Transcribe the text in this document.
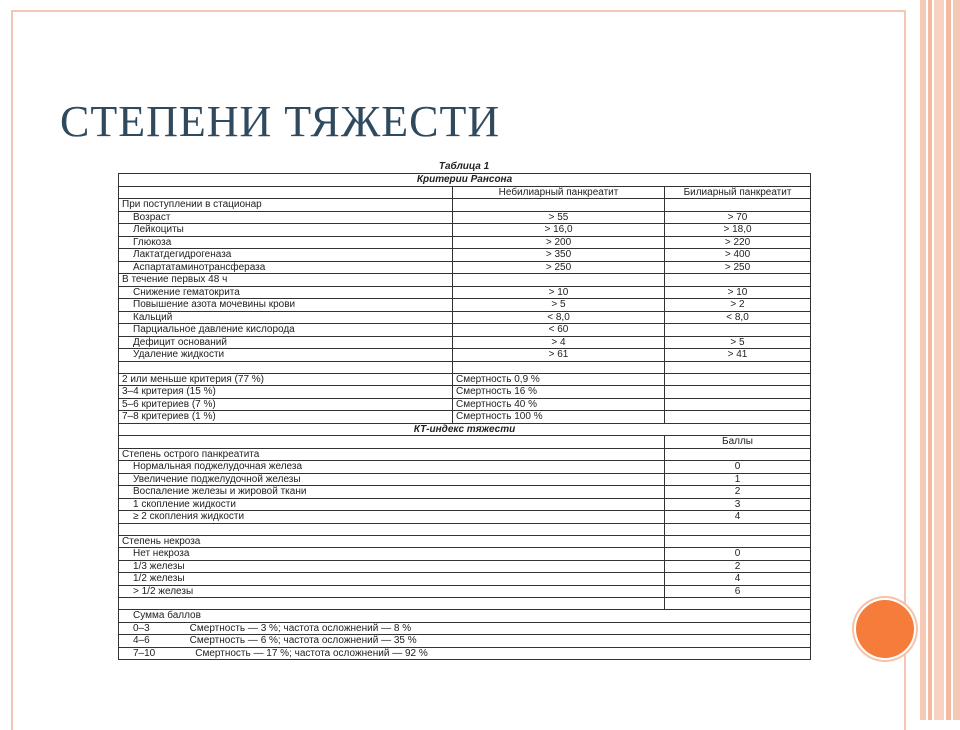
СТЕПЕНИ ТЯЖЕСТИ
Таблица 1
Критерии Рансона		
	Небилиарный панкреатит	Билиарный панкреатит
При поступлении в стационар		
Возраст	> 55	> 70
Лейкоциты	> 16,0	> 18,0
Глюкоза	> 200	> 220
Лактатдегидрогеназа	> 350	> 400
Аспартатаминотрансфераза	> 250	> 250
В течение первых 48 ч		
Снижение гематокрита	> 10	> 10
Повышение азота мочевины крови	> 5	> 2
Кальций	< 8,0	< 8,0
Парциальное давление кислорода	< 60	
Дефицит оснований	> 4	> 5
Удаление жидкости	> 61	> 41

2 или меньше критерия (77 %)	Смертность 0,9 %	
3–4 критерия (15 %)	Смертность 16 %	
5–6 критериев (7 %)	Смертность 40 %	
7–8 критериев (1 %)	Смертность 100 %	
КТ-индекс тяжести		
		Баллы
Степень острого панкреатита		
Нормальная поджелудочная железа		0
Увеличение поджелудочной железы		1
Воспаление железы и жировой ткани		2
1 скопление жидкости		3
≥ 2 скопления жидкости		4

Степень некроза		
Нет некроза		0
1/3 железы		2
1/2 железы		4
> 1/2 железы		6

Сумма баллов		
0–3    Смертность — 3 %; частота осложнений — 8 %		
4–6    Смертность — 6 %; частота осложнений — 35 %		
7–10    Смертность — 17 %; частота осложнений — 92 %		
